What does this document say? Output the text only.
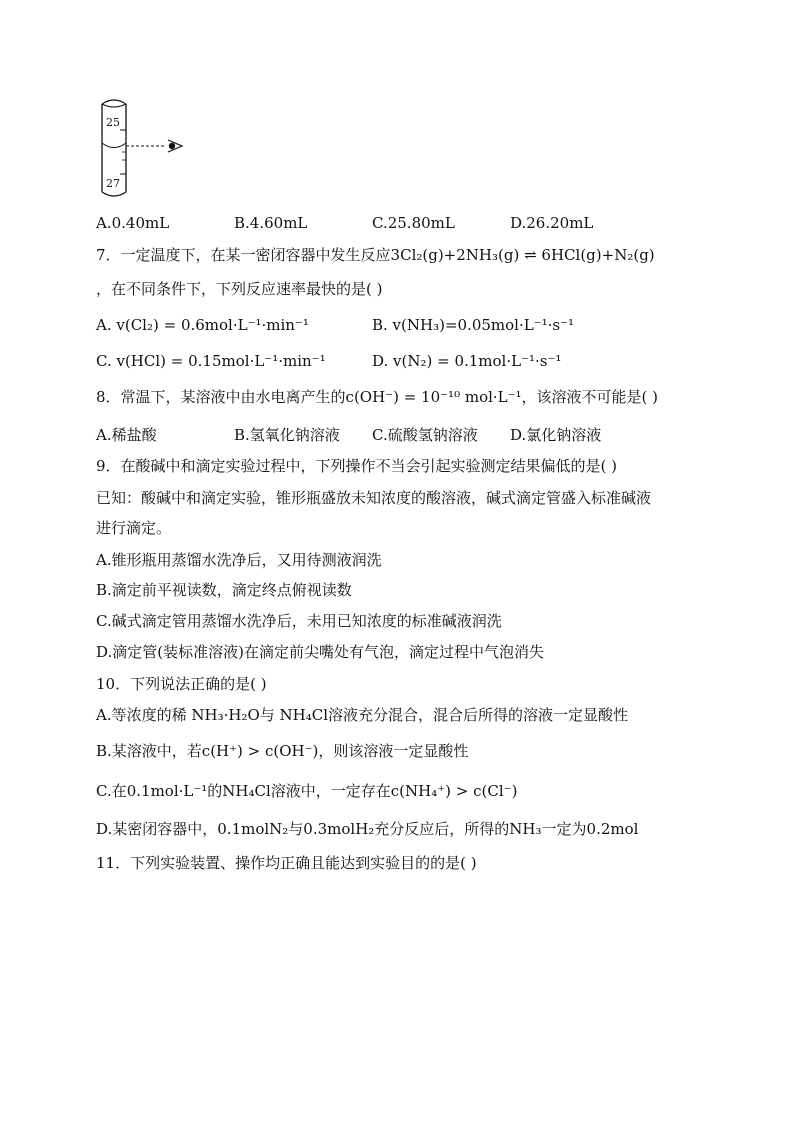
25
27
A.0.40mL	B.4.60mL	C.25.80mL	D.26.20mL
7．一定温度下，在某一密闭容器中发生反应3Cl₂(g)+2NH₃(g) ⇌ 6HCl(g)+N₂(g)
，在不同条件下，下列反应速率最快的是( )
A. v(Cl₂) = 0.6mol·L⁻¹·min⁻¹	B. v(NH₃)=0.05mol·L⁻¹·s⁻¹
C. v(HCl) = 0.15mol·L⁻¹·min⁻¹	D. v(N₂) = 0.1mol·L⁻¹·s⁻¹
8．常温下，某溶液中由水电离产生的c(OH⁻) = 10⁻¹⁰ mol·L⁻¹，该溶液不可能是( )
A.稀盐酸	B.氢氧化钠溶液 C.硫酸氢钠溶液 D.氯化钠溶液
9．在酸碱中和滴定实验过程中，下列操作不当会引起实验测定结果偏低的是( )
已知：酸碱中和滴定实验，锥形瓶盛放未知浓度的酸溶液，碱式滴定管盛入标准碱液
进行滴定。
A.锥形瓶用蒸馏水洗净后，又用待测液润洗
B.滴定前平视读数，滴定终点俯视读数
C.碱式滴定管用蒸馏水洗净后，未用已知浓度的标准碱液润洗
D.滴定管(装标准溶液)在滴定前尖嘴处有气泡，滴定过程中气泡消失
10．下列说法正确的是( )
A.等浓度的稀 NH₃·H₂O与 NH₄Cl溶液充分混合，混合后所得的溶液一定显酸性
B.某溶液中，若c(H⁺) > c(OH⁻)，则该溶液一定显酸性
C.在0.1mol·L⁻¹的NH₄Cl溶液中，一定存在c(NH₄⁺) > c(Cl⁻)
D.某密闭容器中，0.1molN₂与0.3molH₂充分反应后，所得的NH₃一定为0.2mol
11．下列实验装置、操作均正确且能达到实验目的的是( )
